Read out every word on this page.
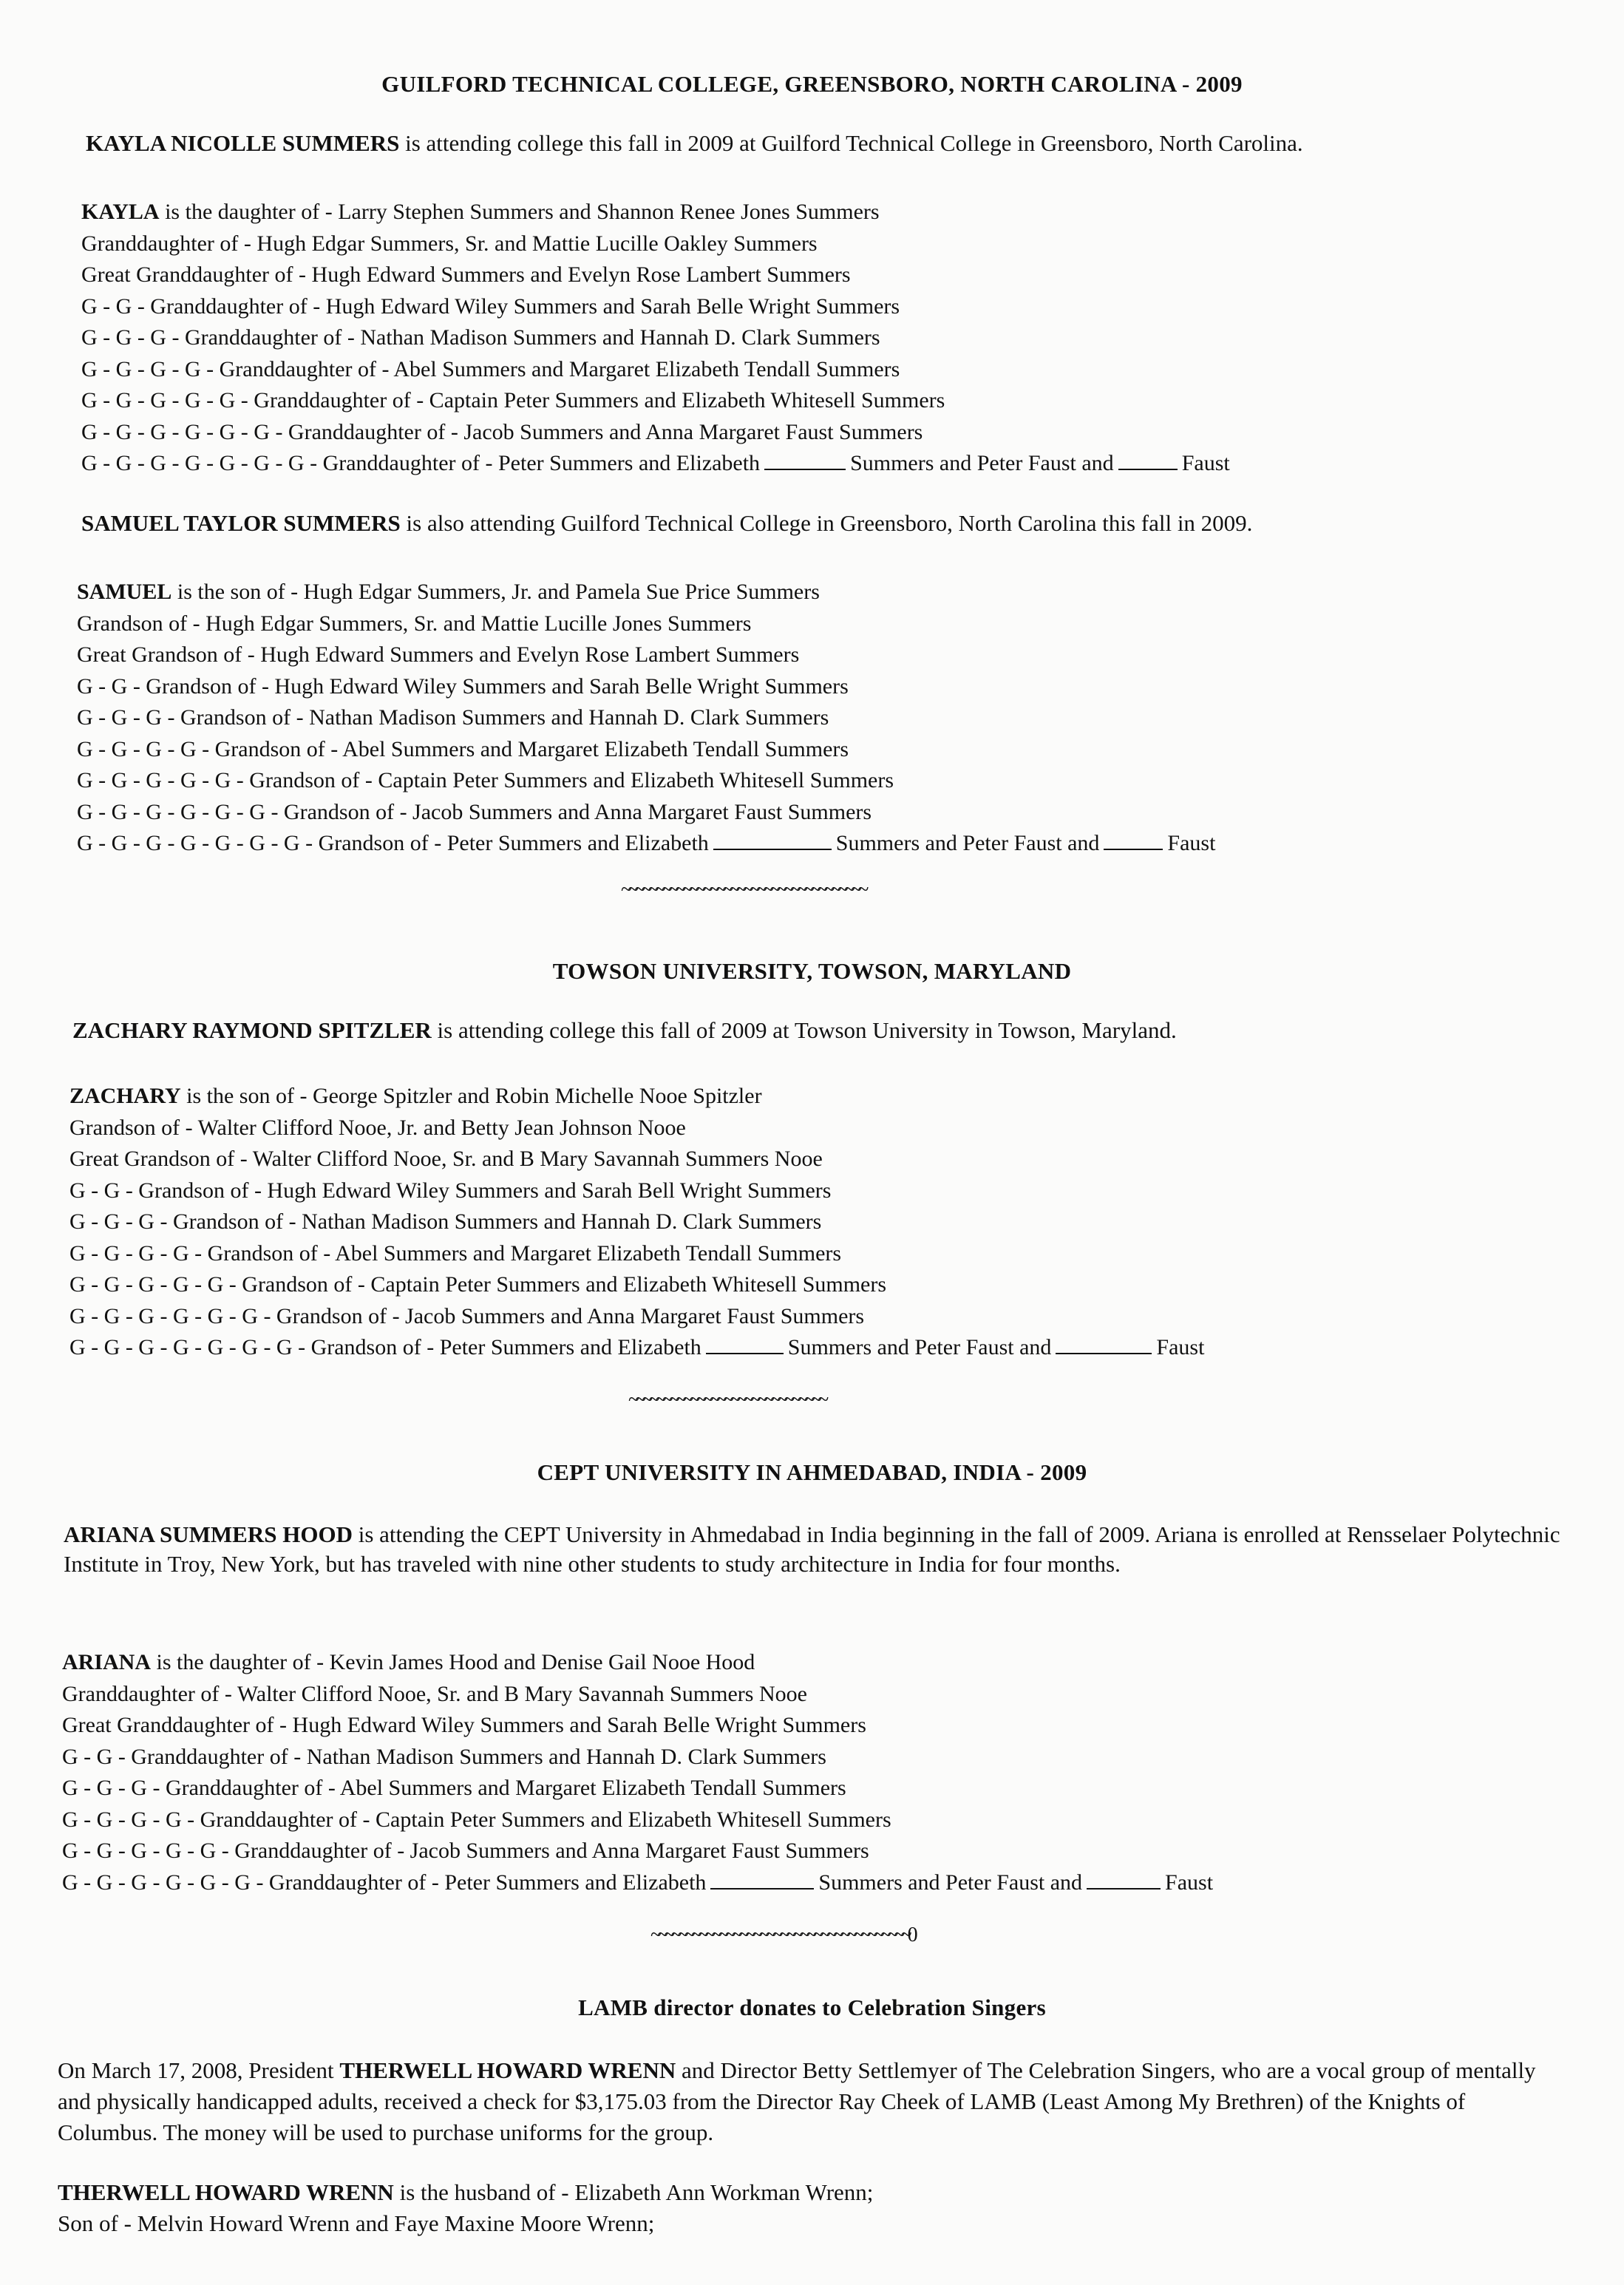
GUILFORD TECHNICAL COLLEGE, GREENSBORO, NORTH CAROLINA - 2009
KAYLA NICOLLE SUMMERS is attending college this fall in 2009 at Guilford Technical College in Greensboro, North Carolina.
KAYLA is the daughter of - Larry Stephen Summers and Shannon Renee Jones Summers
Granddaughter of - Hugh Edgar Summers, Sr. and Mattie Lucille Oakley Summers
Great Granddaughter of - Hugh Edward Summers and Evelyn Rose Lambert Summers
G - G - Granddaughter of - Hugh Edward Wiley Summers and Sarah Belle Wright Summers
G - G - G - Granddaughter of - Nathan Madison Summers and Hannah D. Clark Summers
G - G - G - G - Granddaughter of - Abel Summers and Margaret Elizabeth Tendall Summers
G - G - G - G - G - Granddaughter of - Captain Peter Summers and Elizabeth Whitesell Summers
G - G - G - G - G - G - Granddaughter of - Jacob Summers and Anna Margaret Faust Summers
G - G - G - G - G - G - G - Granddaughter of - Peter Summers and Elizabeth	Summers and Peter Faust and	Faust
SAMUEL TAYLOR SUMMERS is also attending Guilford Technical College in Greensboro, North Carolina this fall in 2009.
SAMUEL is the son of - Hugh Edgar Summers, Jr. and Pamela Sue Price Summers
Grandson of - Hugh Edgar Summers, Sr. and Mattie Lucille Jones Summers
Great Grandson of - Hugh Edward Summers and Evelyn Rose Lambert Summers
G - G - Grandson of - Hugh Edward Wiley Summers and Sarah Belle Wright Summers
G - G - G - Grandson of - Nathan Madison Summers and Hannah D. Clark Summers
G - G - G - G - Grandson of - Abel Summers and Margaret Elizabeth Tendall Summers
G - G - G - G - G - Grandson of - Captain Peter Summers and Elizabeth Whitesell Summers
G - G - G - G - G - G - Grandson of - Jacob Summers and Anna Margaret Faust Summers
G - G - G - G - G - G - G - Grandson of - Peter Summers and Elizabeth	Summers and Peter Faust and	Faust
~~~~~~~~~~~~~~~~~~~~~~~~~~~~~~~~~~~~
TOWSON UNIVERSITY, TOWSON, MARYLAND
ZACHARY RAYMOND SPITZLER is attending college this fall of 2009 at Towson University in Towson, Maryland.
ZACHARY is the son of - George Spitzler and Robin Michelle Nooe Spitzler
Grandson of - Walter Clifford Nooe, Jr. and Betty Jean Johnson Nooe
Great Grandson of - Walter Clifford Nooe, Sr. and B Mary Savannah Summers Nooe
G - G - Grandson of - Hugh Edward Wiley Summers and Sarah Bell Wright Summers
G - G - G - Grandson of - Nathan Madison Summers and Hannah D. Clark Summers
G - G - G - G - Grandson of - Abel Summers and Margaret Elizabeth Tendall Summers
G - G - G - G - G - Grandson of - Captain Peter Summers and Elizabeth Whitesell Summers
G - G - G - G - G - G - Grandson of - Jacob Summers and Anna Margaret Faust Summers
G - G - G - G - G - G - G - Grandson of - Peter Summers and Elizabeth	Summers and Peter Faust and	Faust
~~~~~~~~~~~~~~~~~~~~~~~~~~~~~
CEPT UNIVERSITY IN AHMEDABAD, INDIA - 2009
ARIANA SUMMERS HOOD is attending the CEPT University in Ahmedabad in India beginning in the fall of 2009. Ariana is enrolled at Rensselaer Polytechnic Institute in Troy, New York, but has traveled with nine other students to study architecture in India for four months.
ARIANA is the daughter of - Kevin James Hood and Denise Gail Nooe Hood
Granddaughter of - Walter Clifford Nooe, Sr. and B Mary Savannah Summers Nooe
Great Granddaughter of - Hugh Edward Wiley Summers and Sarah Belle Wright Summers
G - G - Granddaughter of - Nathan Madison Summers and Hannah D. Clark Summers
G - G - G - Granddaughter of - Abel Summers and Margaret Elizabeth Tendall Summers
G - G - G - G - Granddaughter of - Captain Peter Summers and Elizabeth Whitesell Summers
G - G - G - G - G - Granddaughter of - Jacob Summers and Anna Margaret Faust Summers
G - G - G - G - G - G - Granddaughter of - Peter Summers and Elizabeth	Summers and Peter Faust and	Faust
~~~~~~~~~~~~~~~~~~~~~~~~~~~~~~~~~~~~~~0
LAMB director donates to Celebration Singers
On March 17, 2008, President THERWELL HOWARD WRENN and Director Betty Settlemyer of The Celebration Singers, who are a vocal group of mentally and physically handicapped adults, received a check for $3,175.03 from the Director Ray Cheek of LAMB (Least Among My Brethren) of the Knights of Columbus. The money will be used to purchase uniforms for the group.
THERWELL HOWARD WRENN is the husband of - Elizabeth Ann Workman Wrenn;
Son of - Melvin Howard Wrenn and Faye Maxine Moore Wrenn;
